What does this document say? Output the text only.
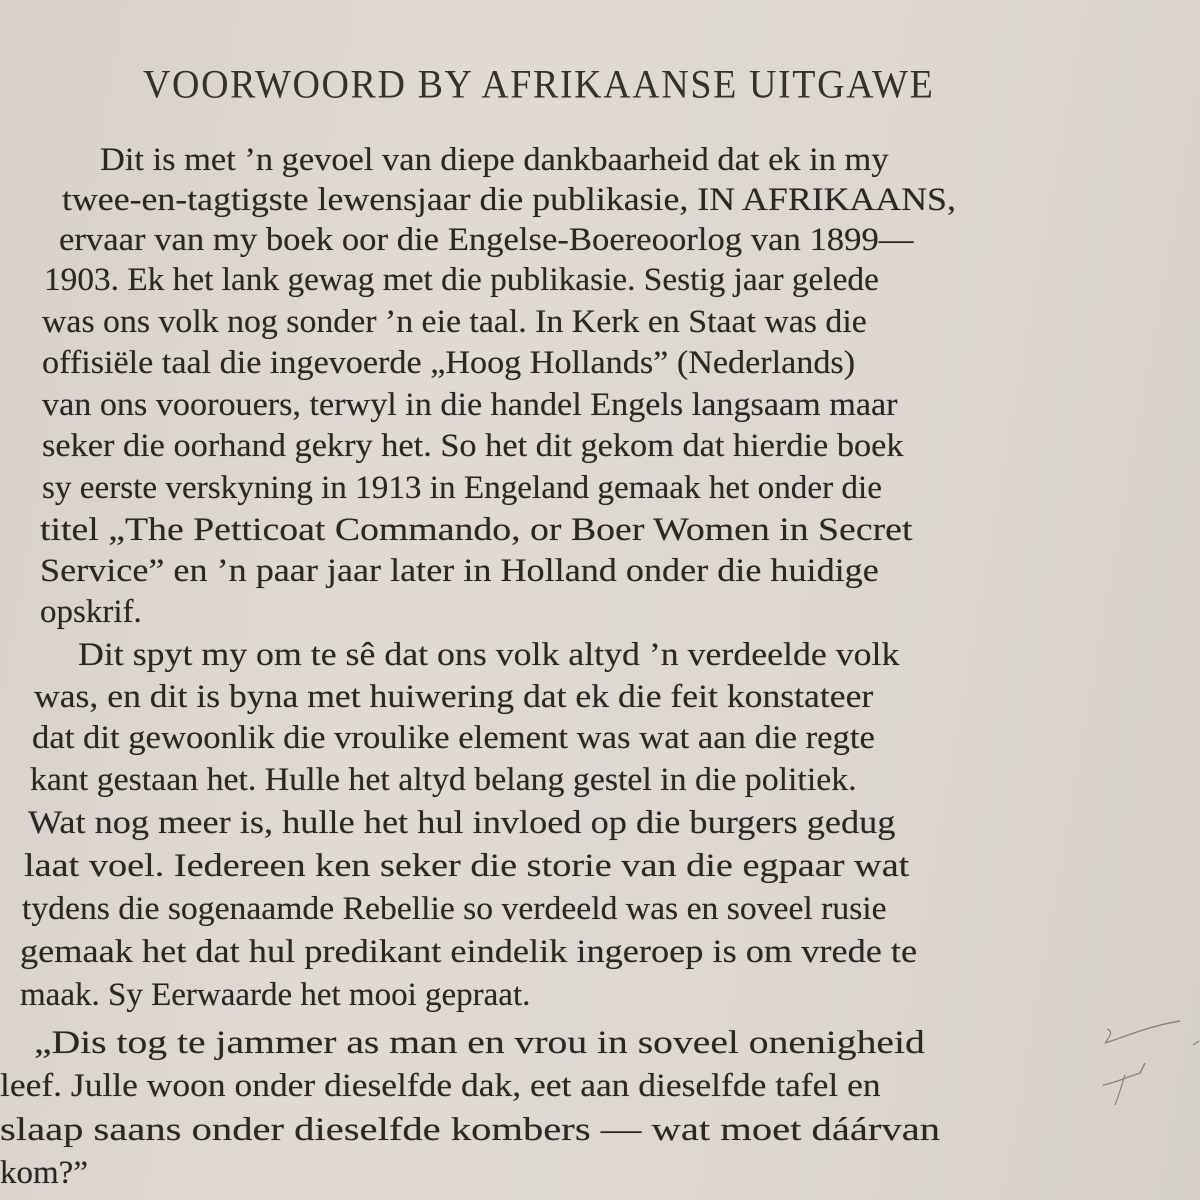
VOORWOORD BY AFRIKAANSE UITGAWE
Dit is met ’n gevoel van diepe dankbaarheid dat ek in my
twee-en-tagtigste lewensjaar die publikasie, IN AFRIKAANS,
ervaar van my boek oor die Engelse-Boereoorlog van 1899—
1903. Ek het lank gewag met die publikasie. Sestig jaar gelede
was ons volk nog sonder ’n eie taal. In Kerk en Staat was die
offisiële taal die ingevoerde „Hoog Hollands” (Nederlands)
van ons voorouers, terwyl in die handel Engels langsaam maar
seker die oorhand gekry het. So het dit gekom dat hierdie boek
sy eerste verskyning in 1913 in Engeland gemaak het onder die
titel „The Petticoat Commando, or Boer Women in Secret
Service” en ’n paar jaar later in Holland onder die huidige
opskrif.
Dit spyt my om te sê dat ons volk altyd ’n verdeelde volk
was, en dit is byna met huiwering dat ek die feit konstateer
dat dit gewoonlik die vroulike element was wat aan die regte
kant gestaan het. Hulle het altyd belang gestel in die politiek.
Wat nog meer is, hulle het hul invloed op die burgers gedug
laat voel. Iedereen ken seker die storie van die egpaar wat
tydens die sogenaamde Rebellie so verdeeld was en soveel rusie
gemaak het dat hul predikant eindelik ingeroep is om vrede te
maak. Sy Eerwaarde het mooi gepraat.
„Dis tog te jammer as man en vrou in soveel onenigheid
leef. Julle woon onder dieselfde dak, eet aan dieselfde tafel en
slaap saans onder dieselfde kombers — wat moet dáárvan
kom?”
